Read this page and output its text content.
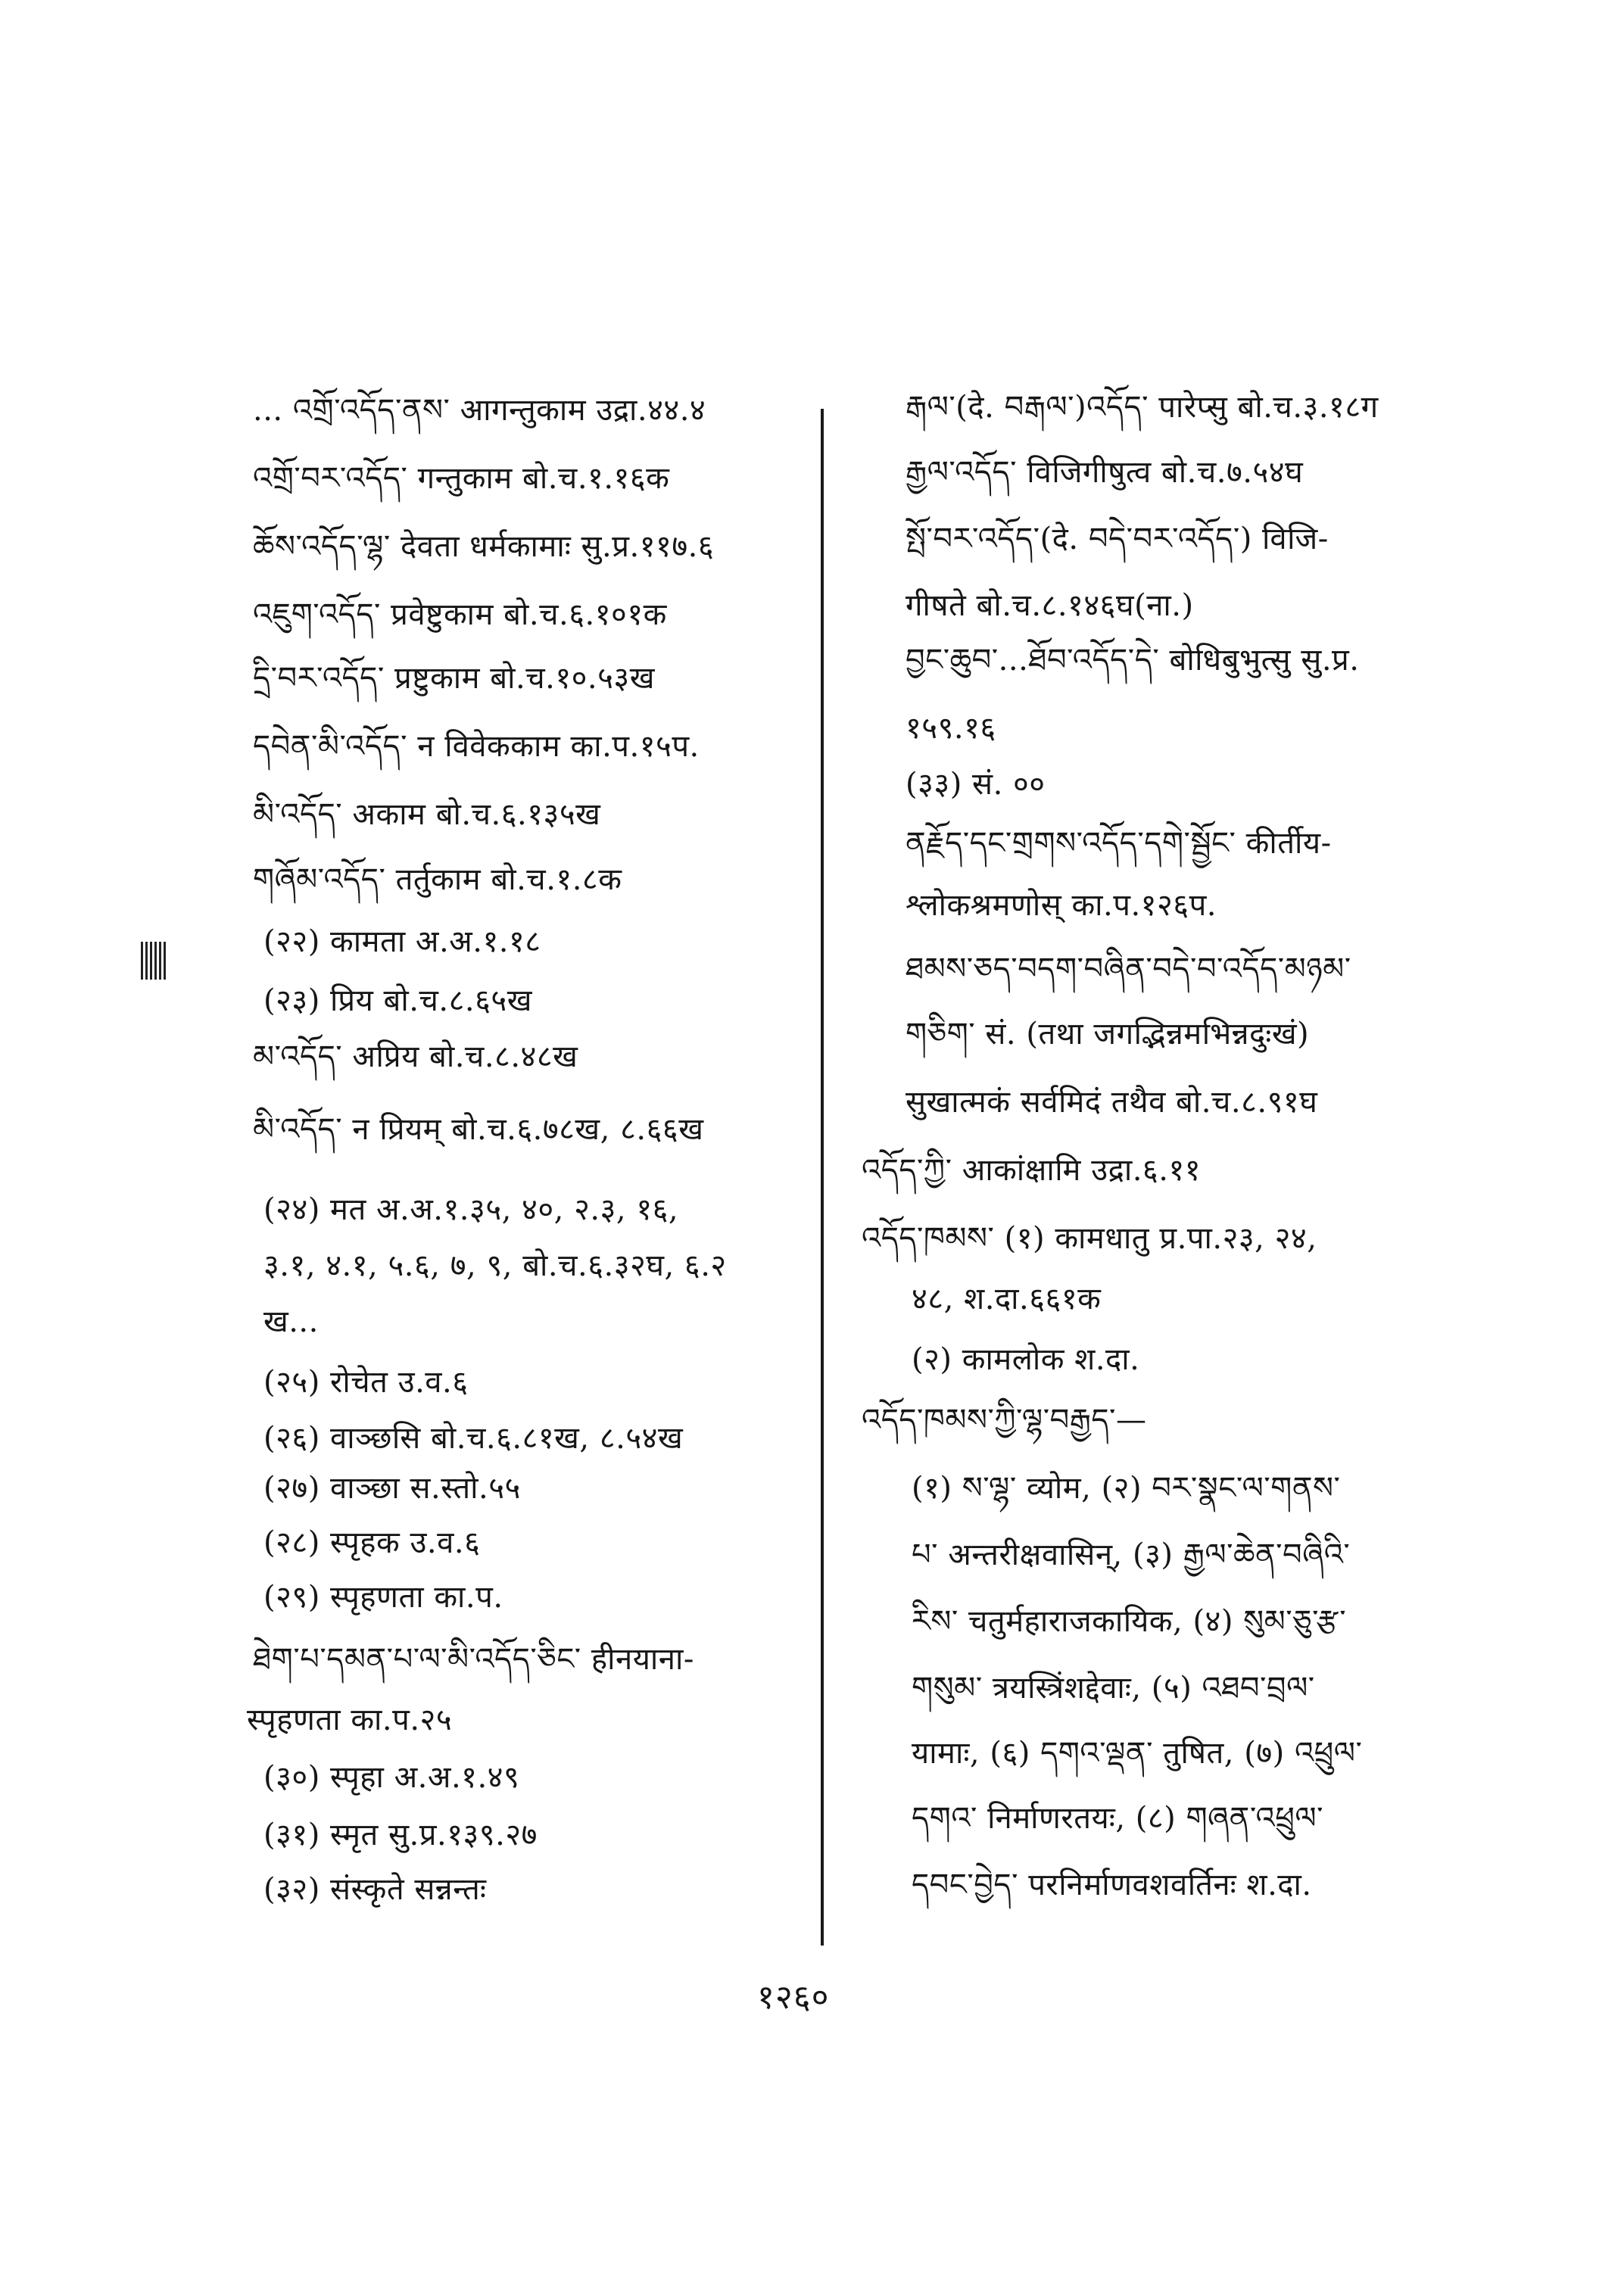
... འགྲོ་འདོད་ནས་ आगन्तुकाम उद्रा.४४.४
འགྲོ་བར་འདོད་ गन्तुकाम बो.च.१.१६क
ཆོས་འདོད་ལྷ་ देवता धर्मकामाः सु.प्र.११७.६
འཇུག་འདོད་ प्रवेष्टुकाम बो.च.६.१०१क
དྲི་བར་འདོད་ प्रष्टुकाम बो.च.१०.५३ख
དབེན་མི་འདོད་ न विवेककाम का.प.१५प.
མི་འདོད་ अकाम बो.च.६.१३५ख
གཞོམ་འདོད་ तर्तुकाम बो.च.१.८क
(२२) कामता अ.अ.१.१८
(२३) प्रिय बो.च.८.६५ख
མ་འདོད་ अप्रिय बो.च.८.४८ख
མི་འདོད་ न प्रियम् बो.च.६.७८ख, ८.६६ख
(२४) मत अ.अ.१.३५, ४०, २.३, १६,
३.१, ४.१, ५.६, ७, ९, बो.च.६.३२घ, ६.२
ख...
(२५) रोचेत उ.व.६
(२६) वाञ्छसि बो.च.६.८१ख, ८.५४ख
(२७) वाञ्छा स.स्तो.५५
(२८) स्पृहक उ.व.६
(२९) स्पृहणता का.प.
ཐེག་པ་དམན་པ་ལ་མི་འདོད་ཅིང་ हीनयाना-
स्पृहणता का.प.२५
(३०) स्पृहा अ.अ.१.४९
(३१) स्मृत सु.प्र.१३९.२७
(३२) संस्कृते सन्नन्तः
རྒལ་(दे. བརྒལ་)འདོད་ पारेप्सु बो.च.३.१८ग
རྒྱལ་འདོད་ विजिगीषुत्व बो.च.७.५४घ
སྤོ་བར་འདོད་(दे. བདེ་བར་འདོད་) विजि-
गीषते बो.च.८.१४६घ(ना.)
བྱང་ཆུབ་...ཐོབ་འདོད་དེ་ बोधिबुभुत्सु सु.प्र.
१५९.१६
(३३) सं. ००
ནརྗོད་དང་གྲགས་འདོད་དགེ་སྦྱོང་ कीर्तीय-
श्लोकश्रमणोस् का.प.१२६प.
ཐམས་ཅད་བདག་བཞིན་བདེ་བ་འདོད་མཉམ་
གཅིག་ सं. (तथा जगद्भिन्नमभिन्नदुःखं)
सुखात्मकं सर्वमिदं तथैव बो.च.८.९१घ
འདོད་ཀྱི་ आकांक्षामि उद्रा.६.११
འདོད་ཁམས་ (१) कामधातु प्र.पा.२३, २४,
४८, श.दा.६६१क
(२) कामलोक श.दा.
འདོད་ཁམས་ཀྱི་ལྷ་བརྒྱད་—
(१) ས་ལྷ་ व्योम, (२) བར་སྣང་ལ་གནས་
པ་ अन्तरीक्षवासिन्, (३) རྒྱལ་ཆེན་བཞིའི་
རིས་ चतुर्महाराजकायिक, (४) སུམ་ཅུ་རྩ་
གསུམ་ त्रयस्त्रिंशद्देवाः, (५) འཐབ་བྲལ་
यामाः, (६) དགའ་ལྡན་ तुषित, (७) འཕྲུལ་
དགའ་ निर्माणरतयः, (८) གཞན་འཕྲུལ་
དབང་བྱེད་ परनिर्माणवशवर्तिनः श.दा.
१२६०
